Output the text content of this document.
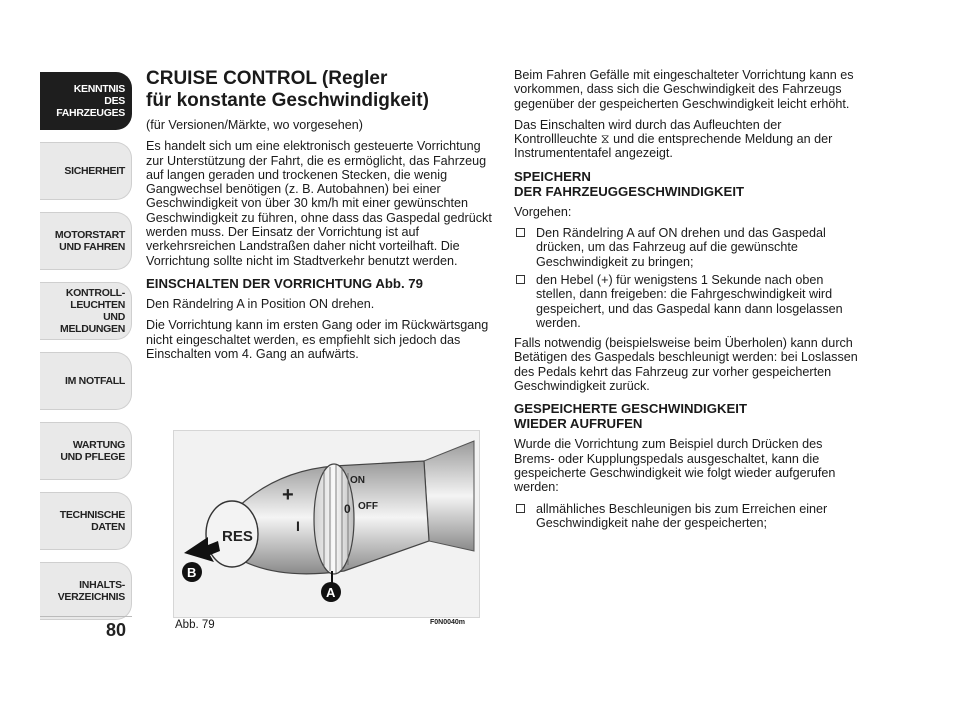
KENNTNIS
DES FAHRZEUGES
SICHERHEIT
MOTORSTART
UND FAHREN
KONTROLL-
LEUCHTEN
UND MELDUNGEN
IM NOTFALL
WARTUNG
UND PFLEGE
TECHNISCHE
DATEN
INHALTS-
VERZEICHNIS
80
CRUISE CONTROL (Regler
für konstante Geschwindigkeit)

(für Versionen/Märkte, wo vorgesehen)

Es handelt sich um eine elektronisch gesteuerte Vorrichtung zur Unterstützung der Fahrt, die es ermöglicht, das Fahrzeug auf langen geraden und trockenen Stecken, die wenig Gangwechsel benötigen (z. B. Autobahnen) bei einer Geschwindigkeit von über 30 km/h mit einer gewünschten Geschwindigkeit zu führen, ohne dass das Gaspedal gedrückt werden muss. Der Einsatz der Vorrichtung ist auf verkehrsreichen Landstraßen daher nicht vorteilhaft. Die Vorrichtung sollte nicht im Stadtverkehr benutzt werden.

EINSCHALTEN DER VORRICHTUNG Abb. 79

Den Rändelring A in Position ON drehen.

Die Vorrichtung kann im ersten Gang oder im Rückwärtsgang nicht eingeschaltet werden, es empfiehlt sich jedoch das Einschalten vom 4. Gang an aufwärts.

RES
+
I
ON
0 OFF
B
A
Abb. 79	F0N0040m

Beim Fahren Gefälle mit eingeschalteter Vorrichtung kann es vorkommen, dass sich die Geschwindigkeit des Fahrzeugs gegenüber der gespeicherten Geschwindigkeit leicht erhöht.

Das Einschalten wird durch das Aufleuchten der Kontrollleuchte ⧖ und die entsprechende Meldung an der Instrumententafel angezeigt.

SPEICHERN
DER FAHRZEUGGESCHWINDIGKEIT

Vorgehen:

Den Rändelring A auf ON drehen und das Gaspedal drücken, um das Fahrzeug auf die gewünschte Geschwindigkeit zu bringen;
den Hebel (+) für wenigstens 1 Sekunde nach oben stellen, dann freigeben: die Fahrgeschwindigkeit wird gespeichert, und das Gaspedal kann dann losgelassen werden.

Falls notwendig (beispielsweise beim Überholen) kann durch Betätigen des Gaspedals beschleunigt werden: bei Loslassen des Pedals kehrt das Fahrzeug zur vorher gespeicherten Geschwindigkeit zurück.

GESPEICHERTE GESCHWINDIGKEIT
WIEDER AUFRUFEN

Wurde die Vorrichtung zum Beispiel durch Drücken des Brems- oder Kupplungspedals ausgeschaltet, kann die gespeicherte Geschwindigkeit wie folgt wieder aufgerufen werden:

allmähliches Beschleunigen bis zum Erreichen einer Geschwindigkeit nahe der gespeicherten;
